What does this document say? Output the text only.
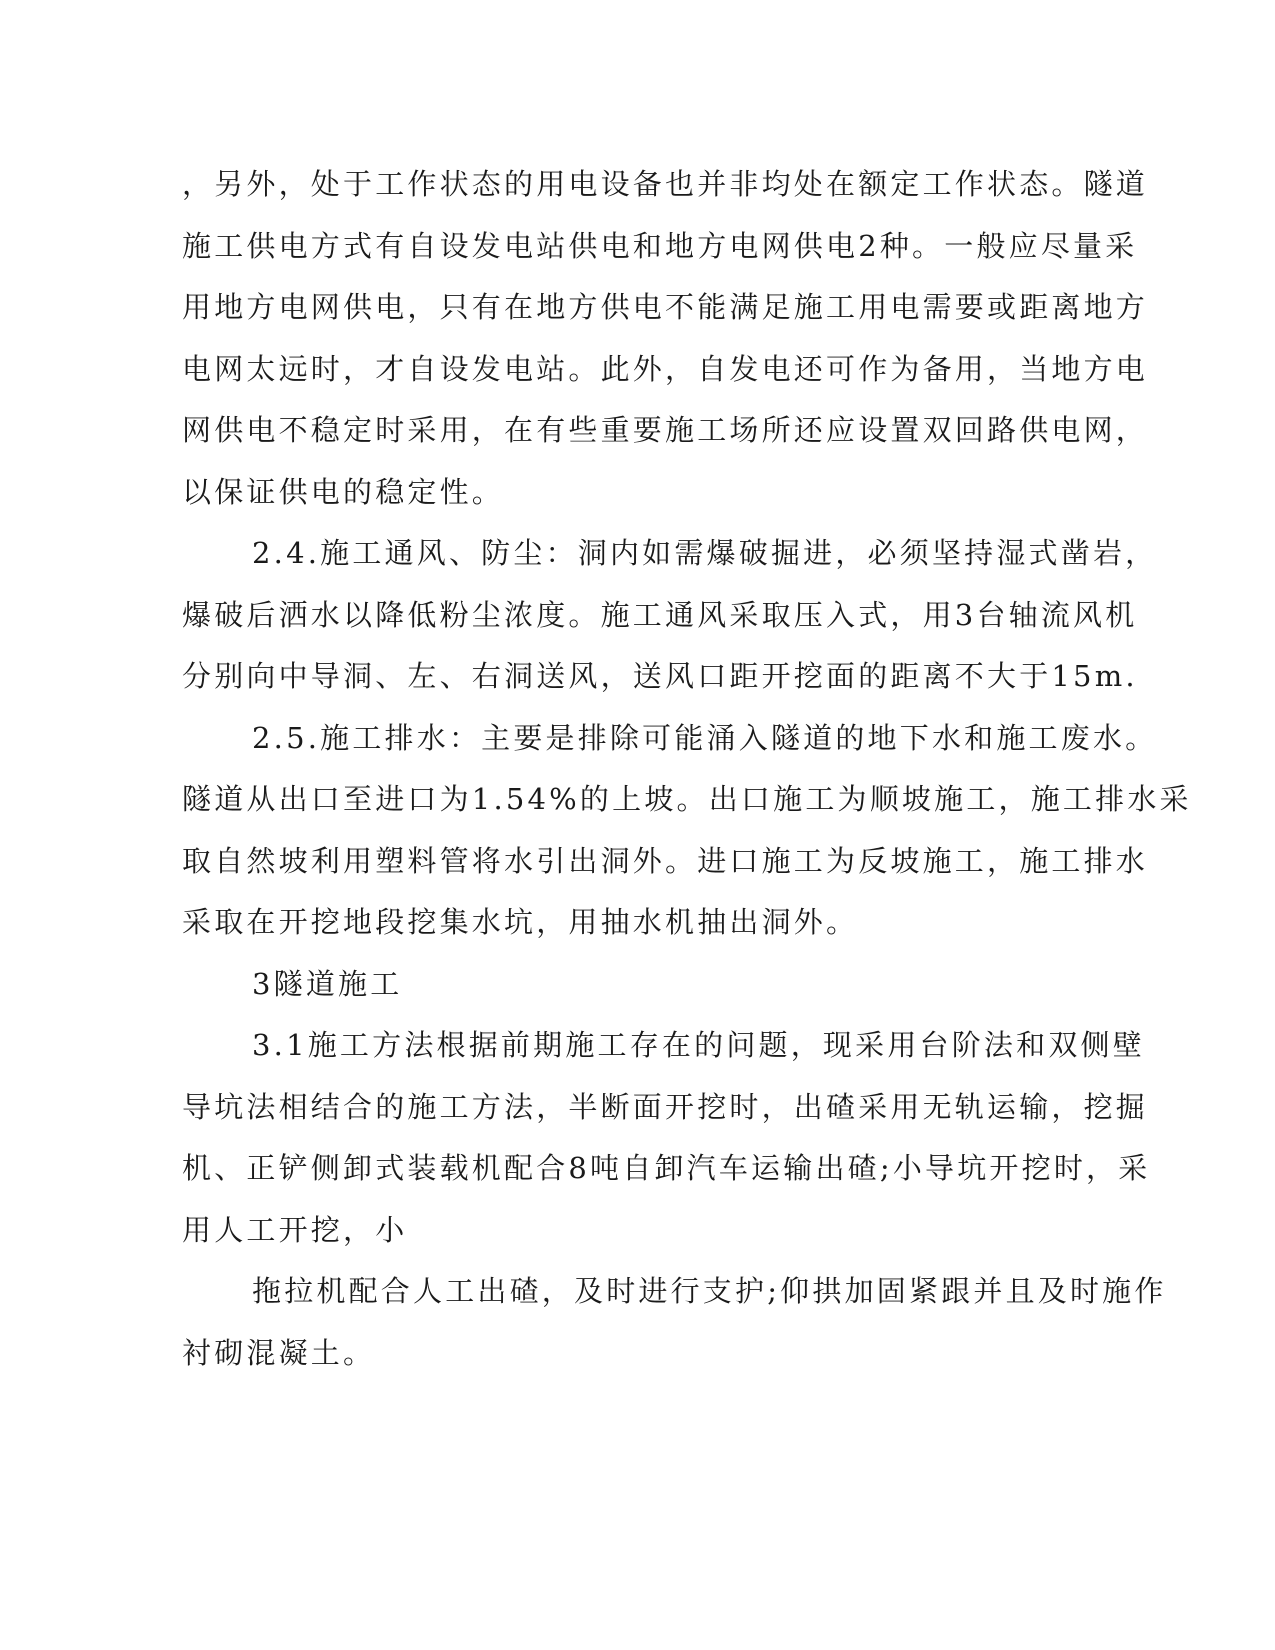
，另外，处于工作状态的用电设备也并非均处在额定工作状态。隧道
施工供电方式有自设发电站供电和地方电网供电2种。一般应尽量采
用地方电网供电，只有在地方供电不能满足施工用电需要或距离地方
电网太远时，才自设发电站。此外，自发电还可作为备用，当地方电
网供电不稳定时采用，在有些重要施工场所还应设置双回路供电网，
以保证供电的稳定性。
2.4.施工通风、防尘：洞内如需爆破掘进，必须坚持湿式凿岩，
爆破后洒水以降低粉尘浓度。施工通风采取压入式，用3台轴流风机
分别向中导洞、左、右洞送风，送风口距开挖面的距离不大于15m.
2.5.施工排水：主要是排除可能涌入隧道的地下水和施工废水。
隧道从出口至进口为1.54%的上坡。出口施工为顺坡施工，施工排水采
取自然坡利用塑料管将水引出洞外。进口施工为反坡施工，施工排水
采取在开挖地段挖集水坑，用抽水机抽出洞外。
3隧道施工
3.1施工方法根据前期施工存在的问题，现采用台阶法和双侧壁
导坑法相结合的施工方法，半断面开挖时，出碴采用无轨运输，挖掘
机、正铲侧卸式装载机配合8吨自卸汽车运输出碴;小导坑开挖时，采
用人工开挖，小
拖拉机配合人工出碴，及时进行支护;仰拱加固紧跟并且及时施作
衬砌混凝土。
